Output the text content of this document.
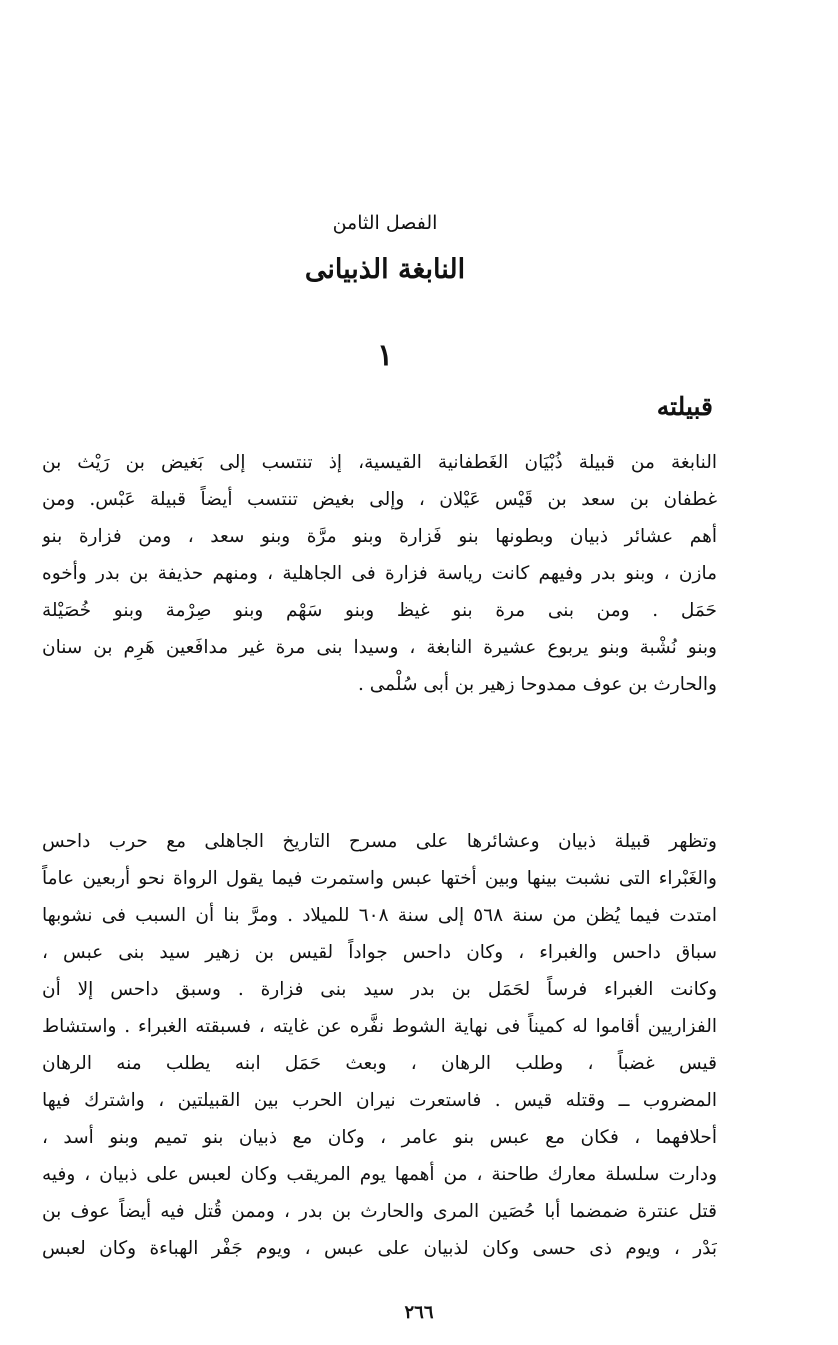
الفصل الثامن
النابغة الذبيانى
١
قبيلته
النابغة من قبيلة ذُبْيَان الغَطفانية القيسية، إذ تنتسب إلى بَغيض بن رَيْث بن
غطفان بن سعد بن قَيْس عَيْلان ، وإلى بغيض تنتسب أيضاً قبيلة عَبْس. ومن
أهم عشائر ذبيان وبطونها بنو فَزارة وبنو مرَّة وبنو سعد ، ومن فزارة بنو
مازن ، وبنو بدر وفيهم كانت رياسة فزارة فى الجاهلية ، ومنهم حذيفة بن بدر وأخوه
حَمَل . ومن بنى مرة بنو غيظ وبنو سَهْم وبنو صِرْمة وبنو خُصَيْلة
وبنو نُشْبة وبنو يربوع عشيرة النابغة ، وسيدا بنى مرة غير مدافَعين هَرِم بن سنان
والحارث بن عوف ممدوحا زهير بن أبى سُلْمى .
وتظهر قبيلة ذبيان وعشائرها على مسرح التاريخ الجاهلى مع حرب داحس
والغَبْراء التى نشبت بينها وبين أختها عبس واستمرت فيما يقول الرواة نحو أربعين عاماً
امتدت فيما يُظن من سنة ٥٦٨ إلى سنة ٦٠٨ للميلاد . ومرَّ بنا أن السبب فى نشوبها
سباق داحس والغبراء ، وكان داحس جواداً لقيس بن زهير سيد بنى عبس ،
وكانت الغبراء فرساً لحَمَل بن بدر سيد بنى فزارة . وسبق داحس إلا أن
الفزاريين أقاموا له كميناً فى نهاية الشوط نفَّره عن غايته ، فسبقته الغبراء . واستشاط
قيس غضباً ، وطلب الرهان ، وبعث حَمَل ابنه يطلب منه الرهان
المضروب ــ وقتله قيس . فاستعرت نيران الحرب بين القبيلتين ، واشترك فيها
أحلافهما ، فكان مع عبس بنو عامر ، وكان مع ذبيان بنو تميم وبنو أسد ،
ودارت سلسلة معارك طاحنة ، من أهمها يوم المريقب وكان لعبس على ذبيان ، وفيه
قتل عنترة ضمضما أبا حُصَين المرى والحارث بن بدر ، وممن قُتل فيه أيضاً عوف بن
بَدْر ، ويوم ذى حسى وكان لذبيان على عبس ، ويوم جَفْر الهباءة وكان لعبس
٢٦٦
